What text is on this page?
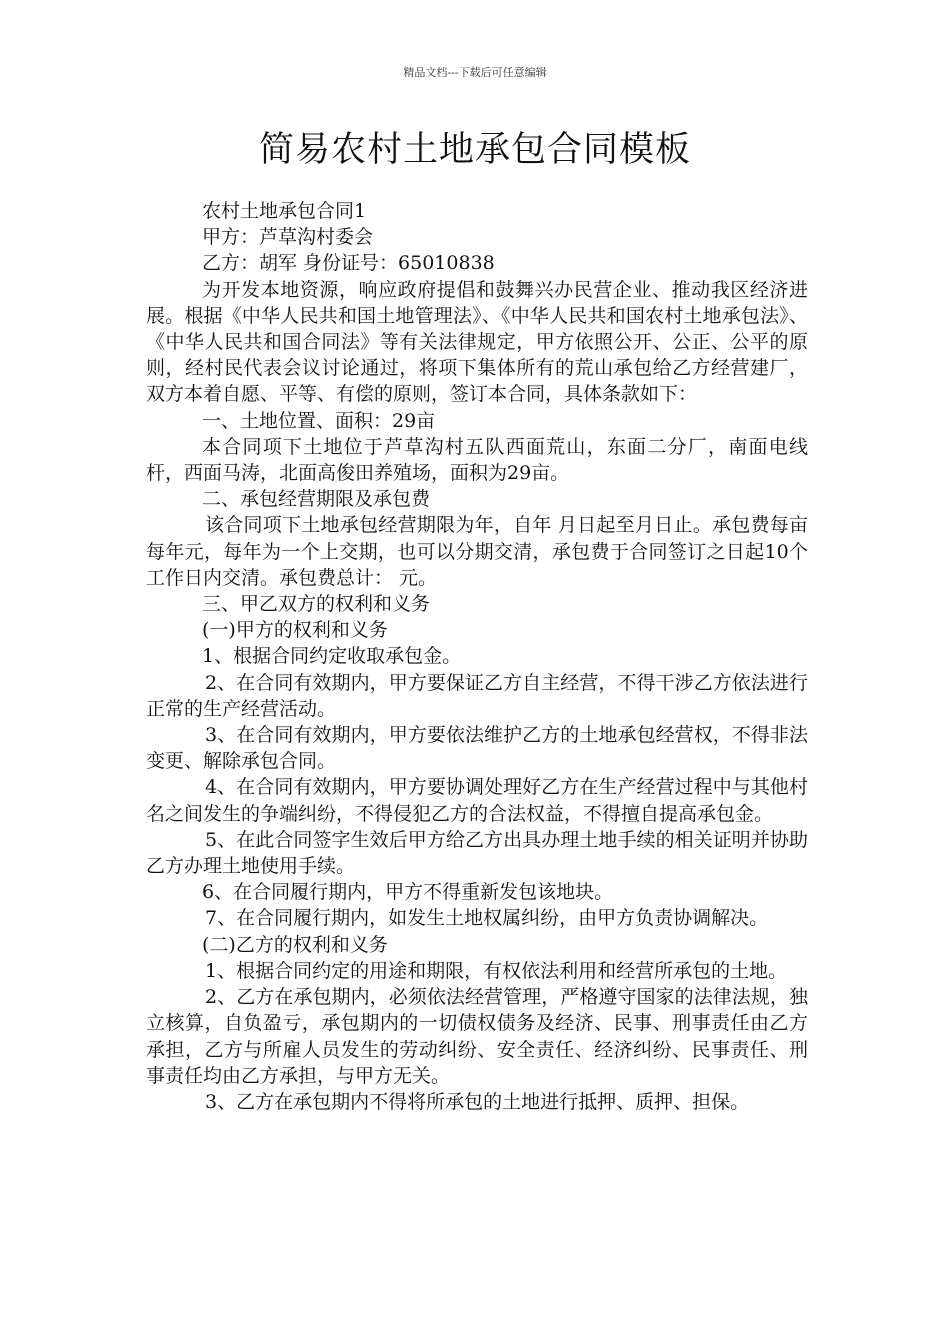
精品文档---下载后可任意编辑
简易农村土地承包合同模板

农村土地承包合同1

甲方：芦草沟村委会

乙方：胡军 身份证号：65010838

为开发本地资源，响应政府提倡和鼓舞兴办民营企业、推动我区经济进展。根据《中华人民共和国土地管理法》、《中华人民共和国农村土地承包法》、《中华人民共和国合同法》等有关法律规定，甲方依照公开、公正、公平的原则，经村民代表会议讨论通过，将项下集体所有的荒山承包给乙方经营建厂，双方本着自愿、平等、有偿的原则，签订本合同，具体条款如下：

一、土地位置、面积：29亩

本合同项下土地位于芦草沟村五队西面荒山，东面二分厂，南面电线杆，西面马涛，北面高俊田养殖场，面积为29亩。

二、承包经营期限及承包费

该合同项下土地承包经营期限为年，自年 月日起至月日止。承包费每亩每年元，每年为一个上交期，也可以分期交清，承包费于合同签订之日起10个工作日内交清。承包费总计： 元。

三、甲乙双方的权利和义务

(一)甲方的权利和义务

1、根据合同约定收取承包金。

2、在合同有效期内，甲方要保证乙方自主经营，不得干涉乙方依法进行正常的生产经营活动。

3、在合同有效期内，甲方要依法维护乙方的土地承包经营权，不得非法变更、解除承包合同。

4、在合同有效期内，甲方要协调处理好乙方在生产经营过程中与其他村名之间发生的争端纠纷，不得侵犯乙方的合法权益，不得擅自提高承包金。

5、在此合同签字生效后甲方给乙方出具办理土地手续的相关证明并协助乙方办理土地使用手续。

6、在合同履行期内，甲方不得重新发包该地块。

7、在合同履行期内，如发生土地权属纠纷，由甲方负责协调解决。

(二)乙方的权利和义务

1、根据合同约定的用途和期限，有权依法利用和经营所承包的土地。

2、乙方在承包期内，必须依法经营管理，严格遵守国家的法律法规，独立核算，自负盈亏，承包期内的一切债权债务及经济、民事、刑事责任由乙方承担，乙方与所雇人员发生的劳动纠纷、安全责任、经济纠纷、民事责任、刑事责任均由乙方承担，与甲方无关。

3、乙方在承包期内不得将所承包的土地进行抵押、质押、担保。
